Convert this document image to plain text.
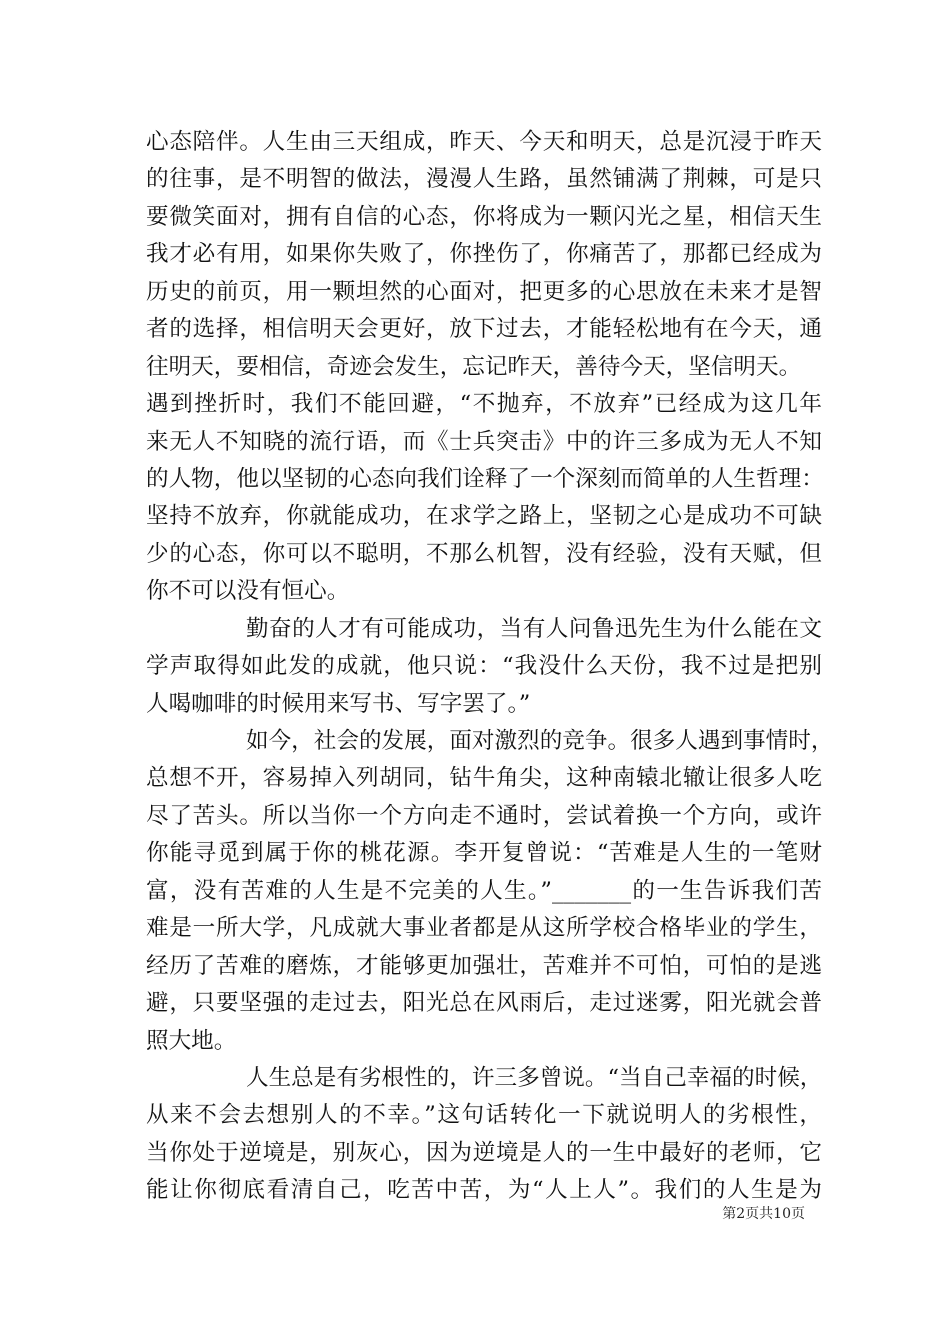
心态陪伴。人生由三天组成，昨天、今天和明天，总是沉浸于昨天
的往事，是不明智的做法，漫漫人生路，虽然铺满了荆棘，可是只
要微笑面对，拥有自信的心态，你将成为一颗闪光之星，相信天生
我才必有用，如果你失败了，你挫伤了，你痛苦了，那都已经成为
历史的前页，用一颗坦然的心面对，把更多的心思放在未来才是智
者的选择，相信明天会更好，放下过去，才能轻松地有在今天，通
往明天，要相信，奇迹会发生，忘记昨天，善待今天，坚信明天。
遇到挫折时，我们不能回避，“不抛弃，不放弃”已经成为这几年
来无人不知晓的流行语，而《士兵突击》中的许三多成为无人不知
的人物，他以坚韧的心态向我们诠释了一个深刻而简单的人生哲理：
坚持不放弃，你就能成功，在求学之路上，坚韧之心是成功不可缺
少的心态，你可以不聪明，不那么机智，没有经验，没有天赋，但
你不可以没有恒心。
勤奋的人才有可能成功，当有人问鲁迅先生为什么能在文
学声取得如此发的成就，他只说：“我没什么天份，我不过是把别
人喝咖啡的时候用来写书、写字罢了。”
如今，社会的发展，面对激烈的竞争。很多人遇到事情时，
总想不开，容易掉入列胡同，钻牛角尖，这种南辕北辙让很多人吃
尽了苦头。所以当你一个方向走不通时，尝试着换一个方向，或许
你能寻觅到属于你的桃花源。李开复曾说：“苦难是人生的一笔财
富，没有苦难的人生是不完美的人生。”_______的一生告诉我们苦
难是一所大学，凡成就大事业者都是从这所学校合格毕业的学生，
经历了苦难的磨炼，才能够更加强壮，苦难并不可怕，可怕的是逃
避，只要坚强的走过去，阳光总在风雨后，走过迷雾，阳光就会普
照大地。
人生总是有劣根性的，许三多曾说。“当自己幸福的时候，
从来不会去想别人的不幸。”这句话转化一下就说明人的劣根性，
当你处于逆境是，别灰心，因为逆境是人的一生中最好的老师，它
能让你彻底看清自己，吃苦中苦，为“人上人”。我们的人生是为
第2页共10页
